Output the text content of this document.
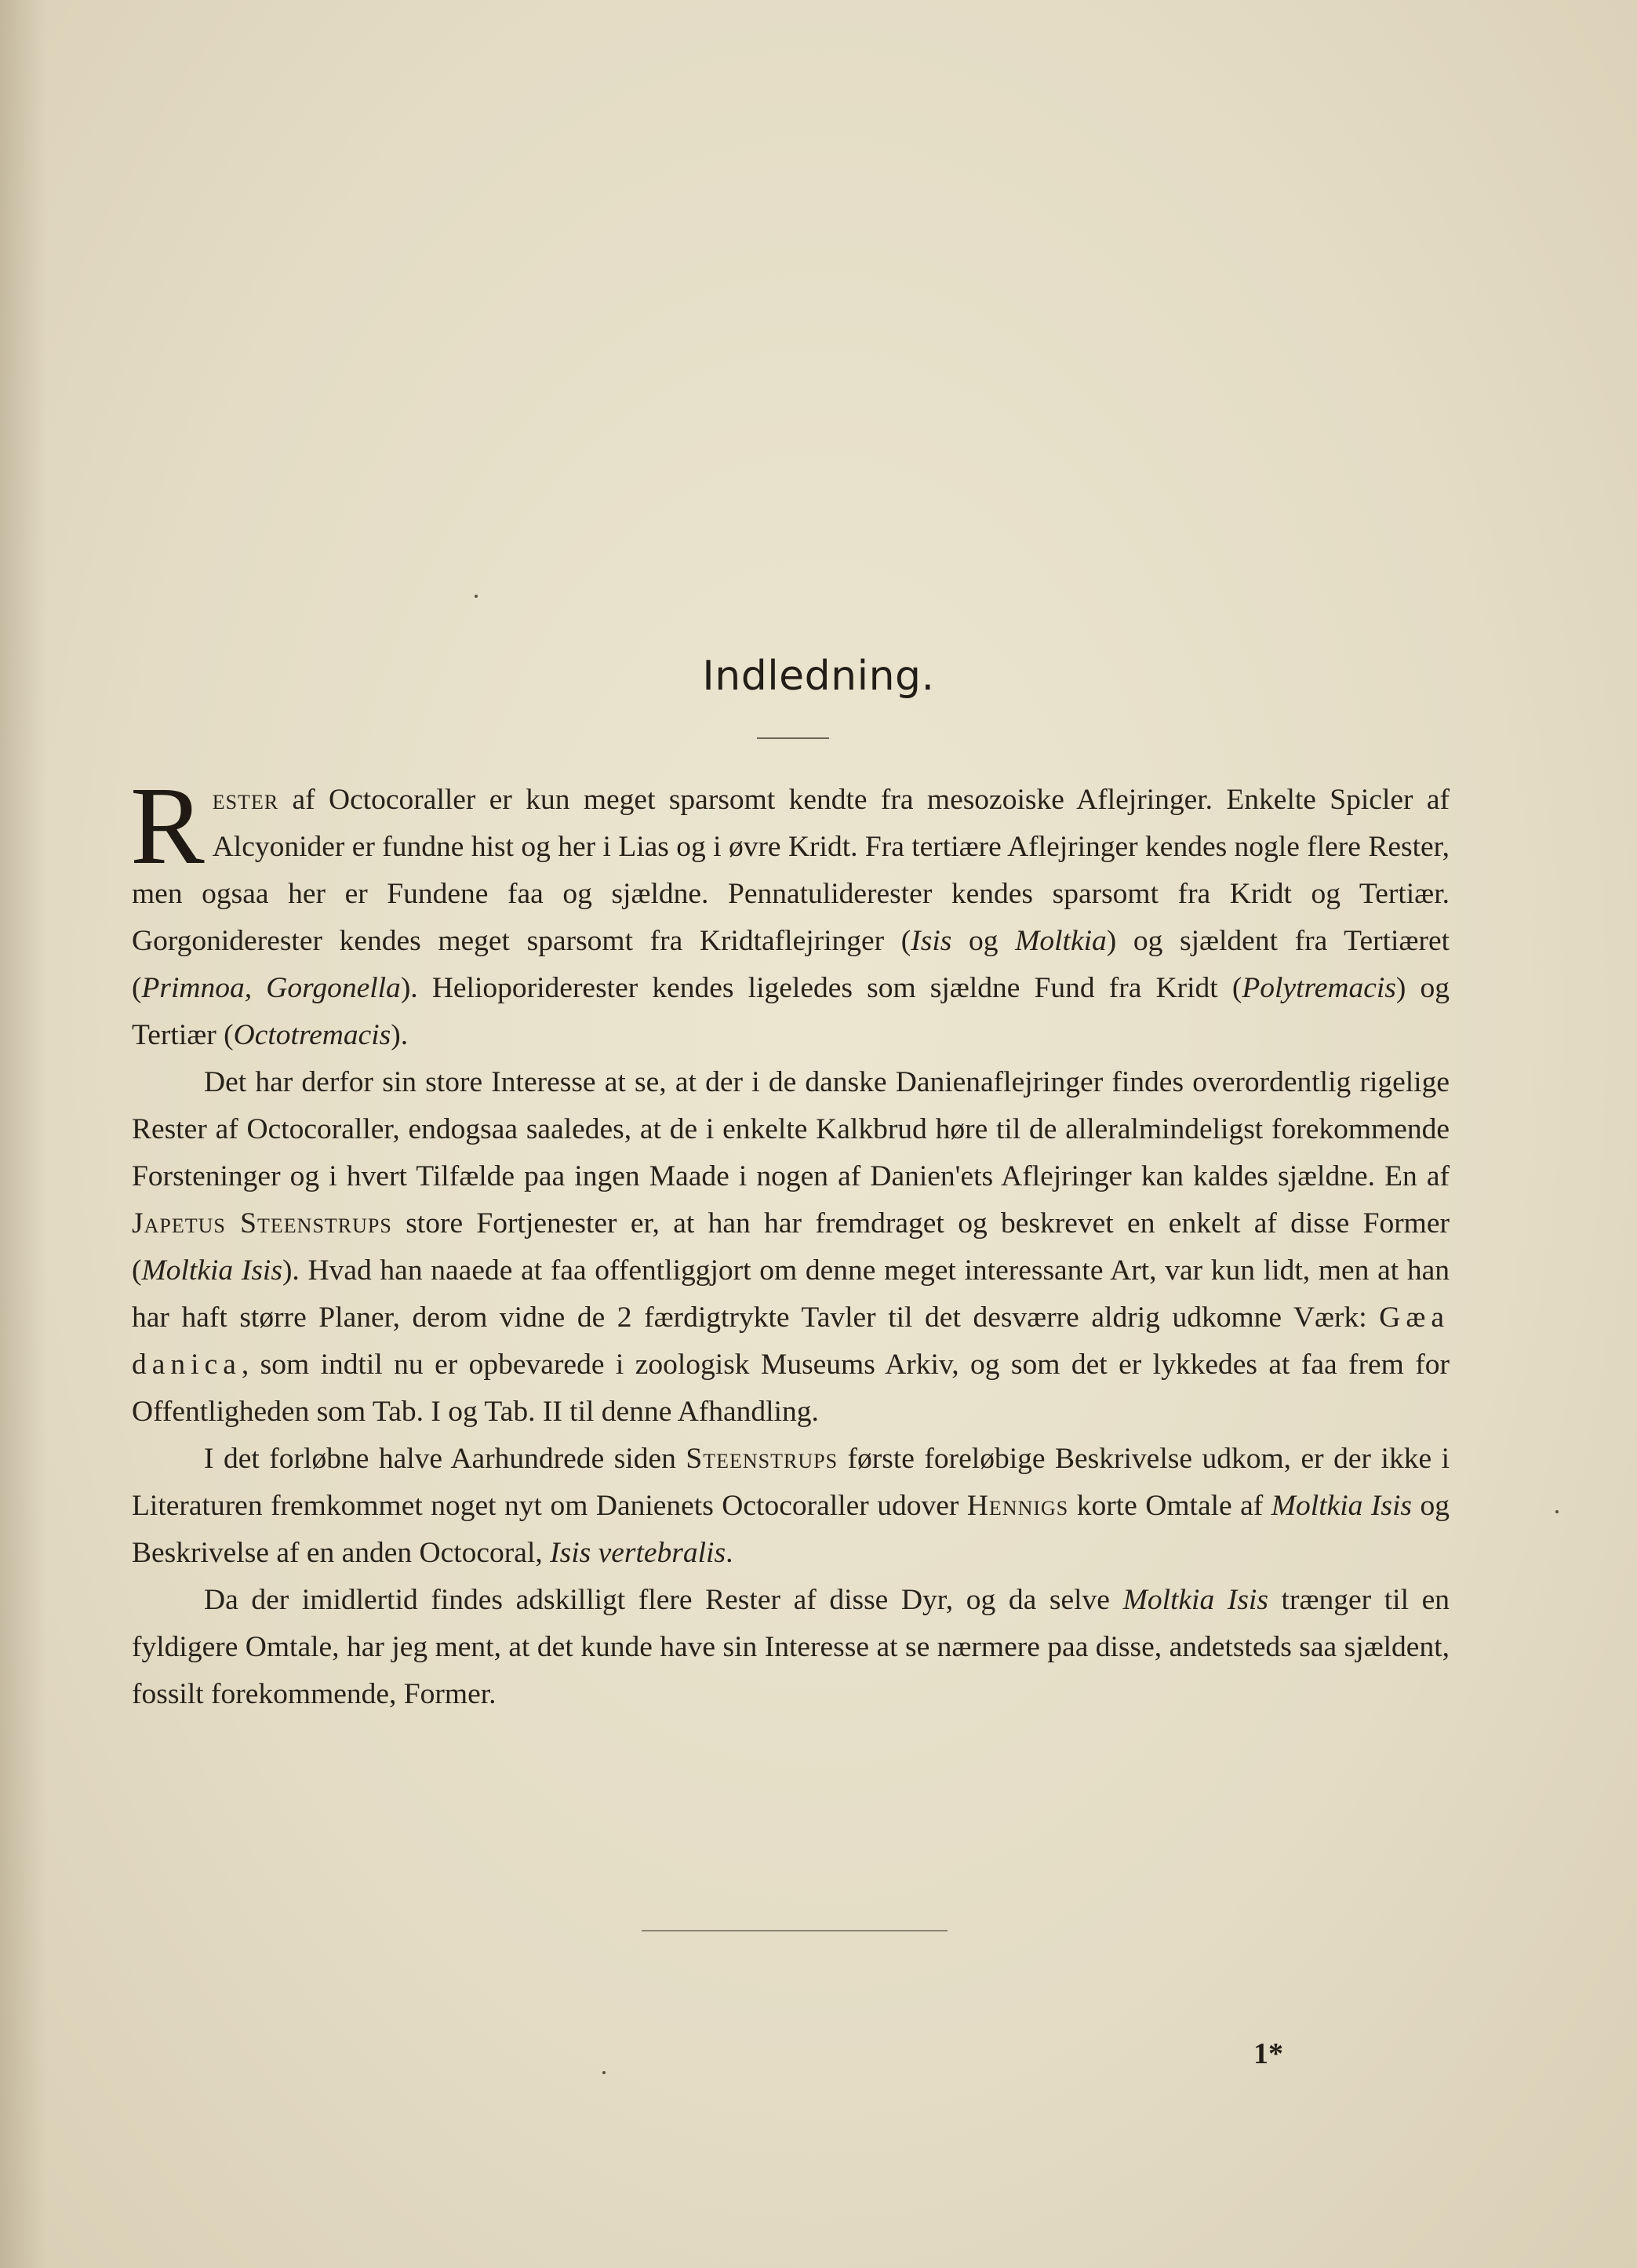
Indledning.

Rester af Octocoraller er kun meget sparsomt kendte fra mesozoiske Aflejringer. Enkelte Spicler af Alcyonider er fundne hist og her i Lias og i øvre Kridt. Fra tertiære Aflejringer kendes nogle flere Rester, men ogsaa her er Fundene faa og sjældne. Pennatuliderester kendes sparsomt fra Kridt og Tertiær. Gorgoniderester kendes meget sparsomt fra Kridtaflejringer (Isis og Moltkia) og sjældent fra Tertiæret (Primnoa, Gorgonella). Helioporiderester kendes ligeledes som sjældne Fund fra Kridt (Polytremacis) og Tertiær (Octotremacis).

Det har derfor sin store Interesse at se, at der i de danske Danienaflejringer findes overordentlig rigelige Rester af Octocoraller, endogsaa saaledes, at de i enkelte Kalkbrud høre til de alleralmindeligst forekommende Forsteninger og i hvert Tilfælde paa ingen Maade i nogen af Danien'ets Aflejringer kan kaldes sjældne. En af Japetus Steenstrups store Fortjenester er, at han har fremdraget og beskrevet en enkelt af disse Former (Moltkia Isis). Hvad han naaede at faa offentliggjort om denne meget interessante Art, var kun lidt, men at han har haft større Planer, derom vidne de 2 færdigtrykte Tavler til det desværre aldrig udkomne Værk: Gæa danica, som indtil nu er opbevarede i zoologisk Museums Arkiv, og som det er lykkedes at faa frem for Offentligheden som Tab. I og Tab. II til denne Afhandling.

I det forløbne halve Aarhundrede siden Steenstrups første foreløbige Beskrivelse udkom, er der ikke i Literaturen fremkommet noget nyt om Danienets Octocoraller udover Hennigs korte Omtale af Moltkia Isis og Beskrivelse af en anden Octocoral, Isis vertebralis.

Da der imidlertid findes adskilligt flere Rester af disse Dyr, og da selve Moltkia Isis trænger til en fyldigere Omtale, har jeg ment, at det kunde have sin Interesse at se nærmere paa disse, andetsteds saa sjældent, fossilt forekommende, Former.

1*
